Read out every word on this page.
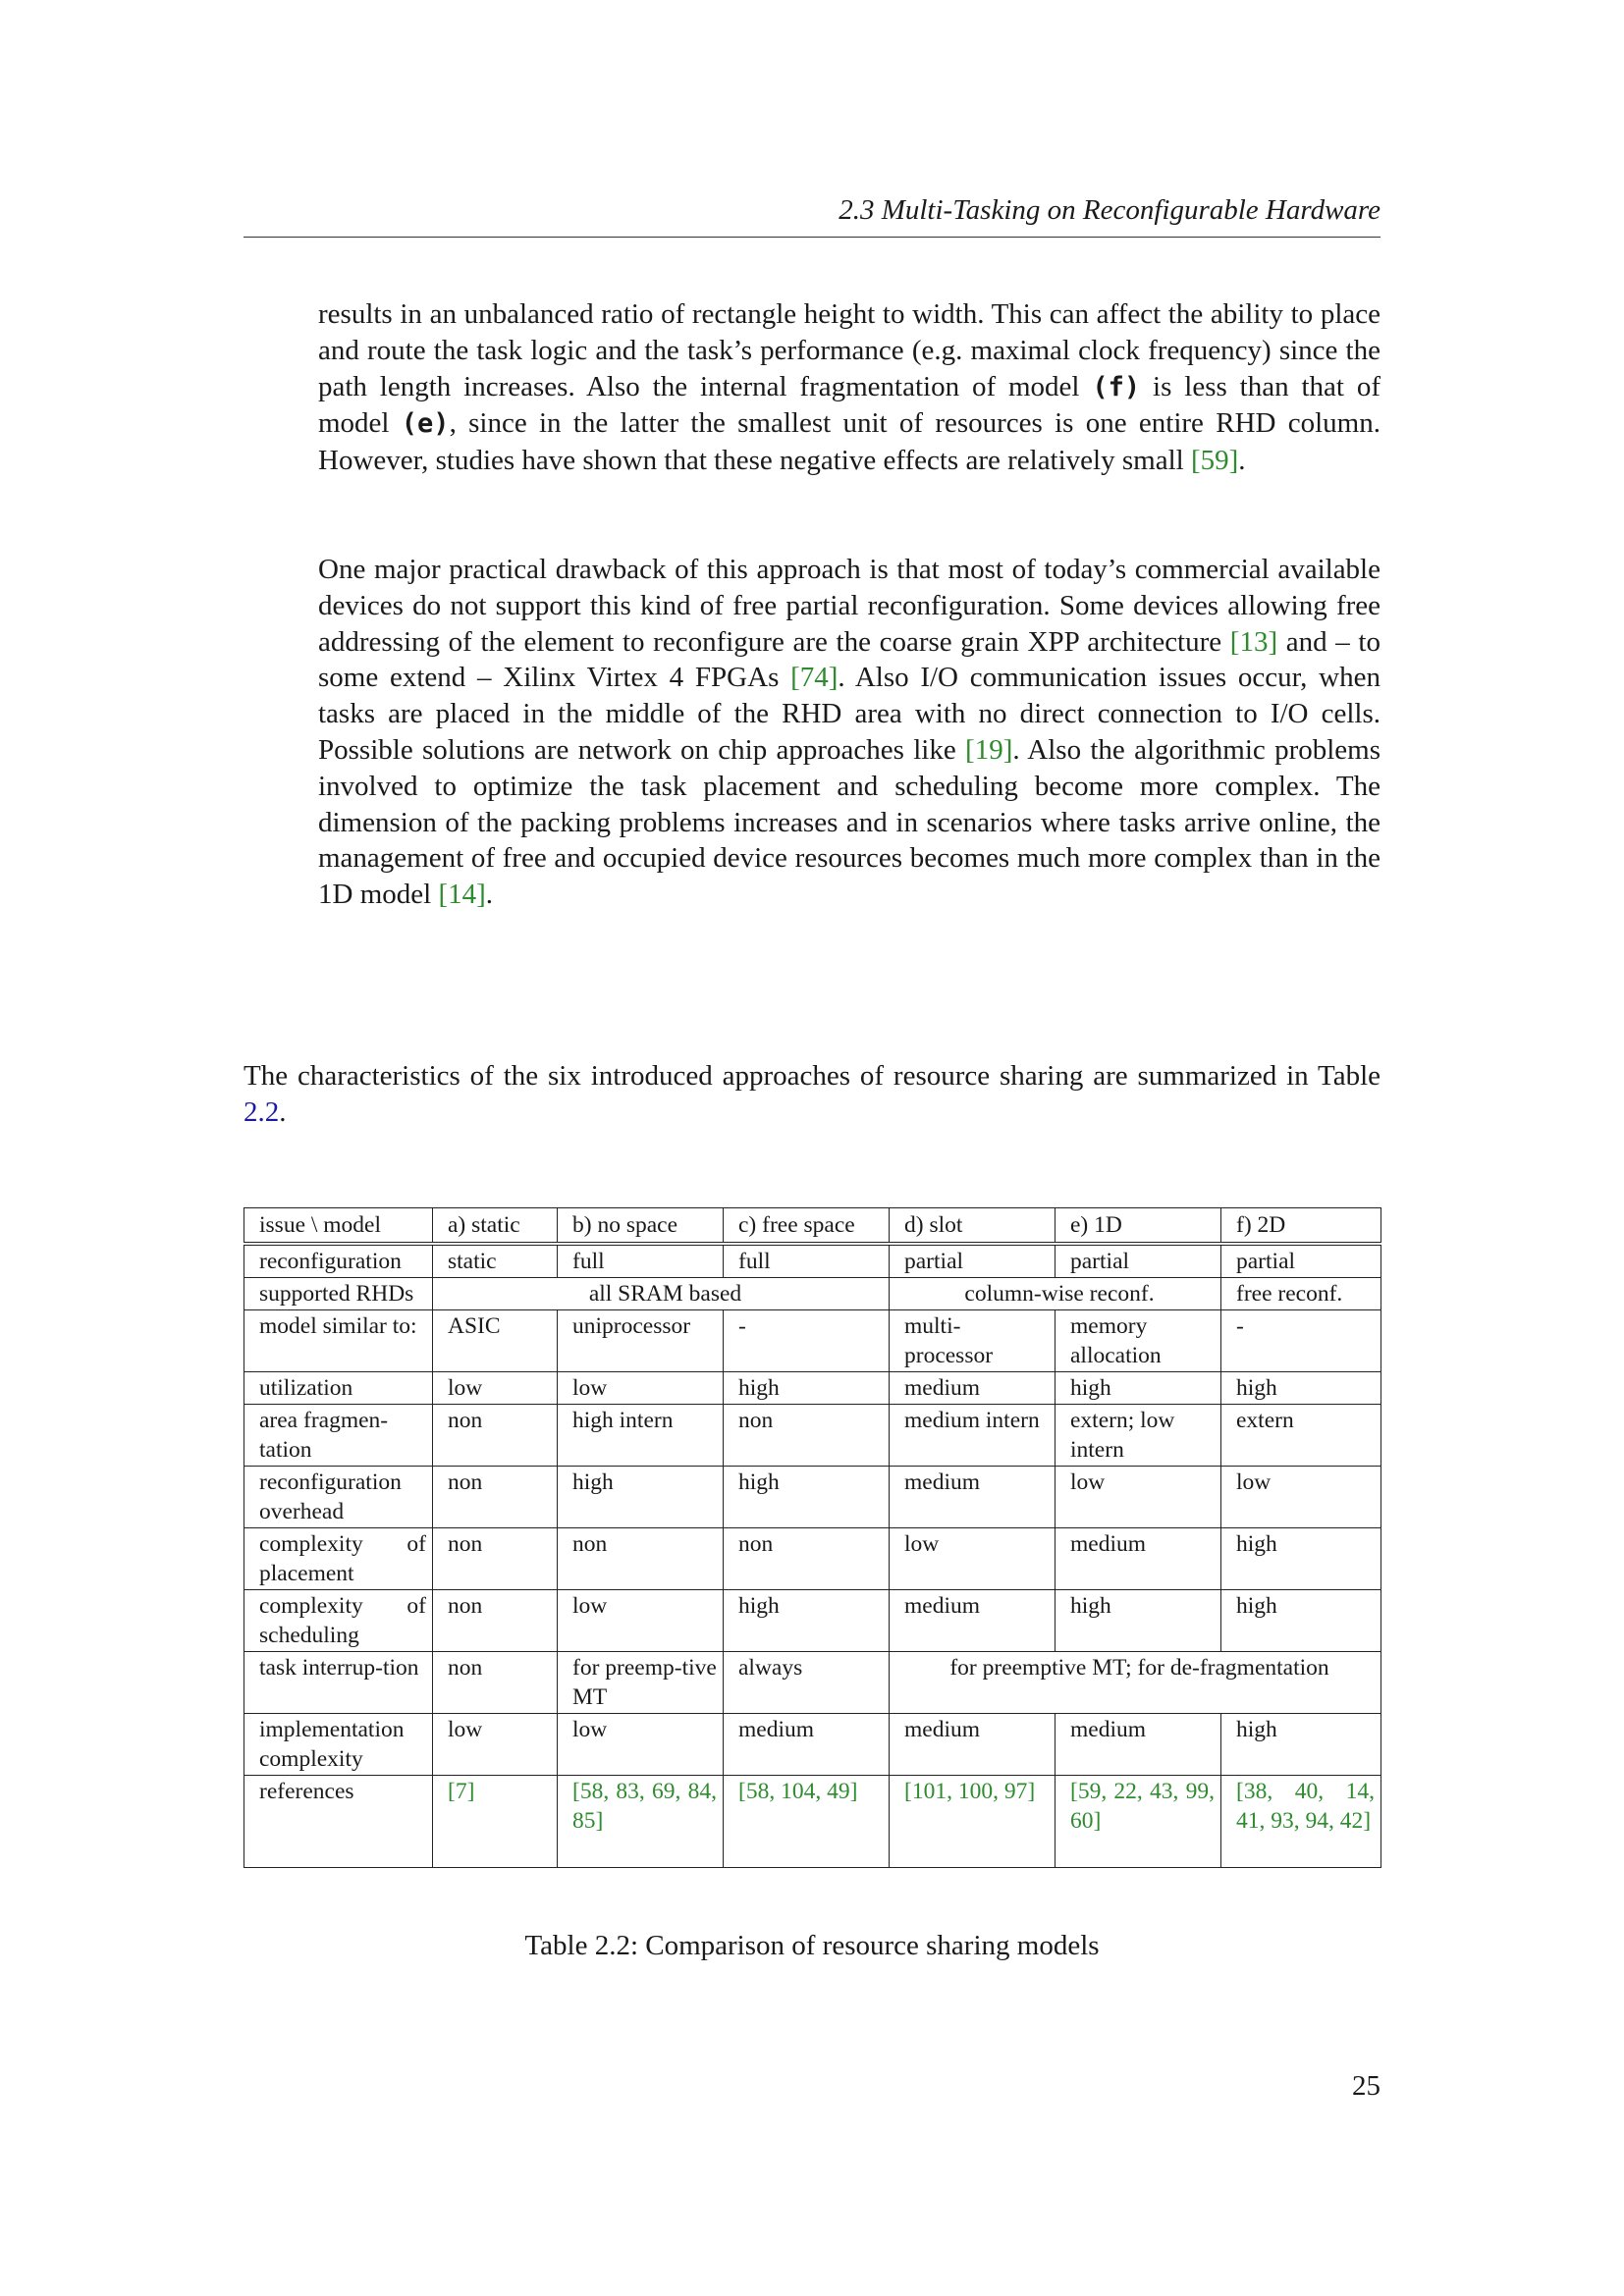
2.3 Multi-Tasking on Reconfigurable Hardware

results in an unbalanced ratio of rectangle height to width. This can affect the ability to place and route the task logic and the task’s performance (e.g. maximal clock frequency) since the path length increases. Also the internal fragmentation of model (f) is less than that of model (e), since in the latter the smallest unit of resources is one entire RHD column. However, studies have shown that these negative effects are relatively small [59].

One major practical drawback of this approach is that most of today’s commercial available devices do not support this kind of free partial reconfiguration. Some devices allowing free addressing of the element to reconfigure are the coarse grain XPP architecture [13] and – to some extend – Xilinx Virtex 4 FPGAs [74]. Also I/O communication issues occur, when tasks are placed in the middle of the RHD area with no direct connection to I/O cells. Possible solutions are network on chip approaches like [19]. Also the algorithmic problems involved to optimize the task placement and scheduling become more complex. The dimension of the packing problems increases and in scenarios where tasks arrive online, the management of free and occupied device resources becomes much more complex than in the 1D model [14].

The characteristics of the six introduced approaches of resource sharing are summarized in Table 2.2.

issue \ model	a) static	b) no space	c) free space	d) slot	e) 1D	f) 2D
reconfiguration	static	full	full	partial	partial	partial
supported RHDs	all SRAM based			column-wise reconf.		free reconf.
model similar to:	ASIC	uniprocessor	-	multi-processor	memory allocation	-
utilization	low	low	high	medium	high	high
area fragmen-tation	non	high intern	non	medium intern	extern; low intern	extern
reconfiguration overhead	non	high	high	medium	low	low
complexity of placement	non	non	non	low	medium	high
complexity of scheduling	non	low	high	medium	high	high
task interrup-tion	non	for preemp-tive MT	always	for preemptive MT; for de-fragmentation		
implementation complexity	low	low	medium	medium	medium	high
references	[7]	[58, 83, 69, 84, 85]	[58, 104, 49]	[101, 100, 97]	[59, 22, 43, 99, 60]	[38, 40, 14, 41, 93, 94, 42]
Table 2.2: Comparison of resource sharing models
25
